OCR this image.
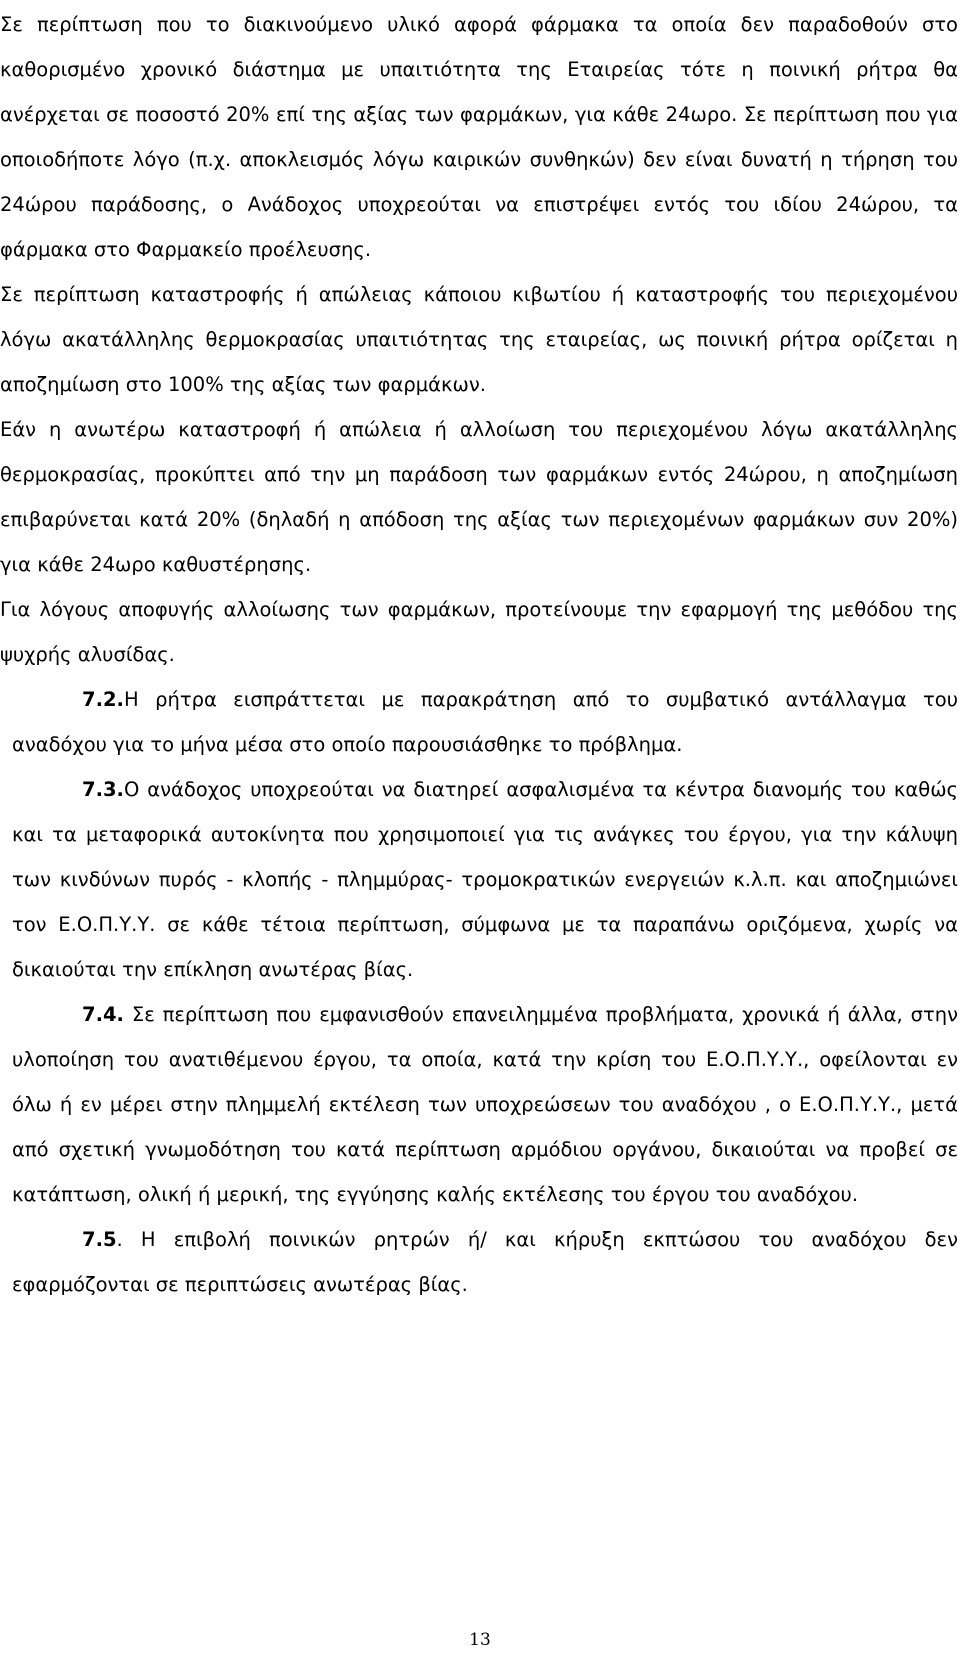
Σε περίπτωση που το διακινούμενο υλικό αφορά φάρμακα τα οποία δεν παραδοθούν στο καθορισμένο χρονικό διάστημα με υπαιτιότητα της Εταιρείας τότε η ποινική ρήτρα θα ανέρχεται σε ποσοστό 20% επί της αξίας των φαρμάκων, για κάθε 24ωρο. Σε περίπτωση που για οποιοδήποτε λόγο (π.χ. αποκλεισμός λόγω καιρικών συνθηκών) δεν είναι δυνατή η τήρηση του 24ώρου παράδοσης, ο Ανάδοχος υποχρεούται να επιστρέψει εντός του ιδίου 24ώρου, τα φάρμακα στο Φαρμακείο προέλευσης.

Σε περίπτωση καταστροφής ή απώλειας κάποιου κιβωτίου ή καταστροφής του περιεχομένου λόγω ακατάλληλης θερμοκρασίας υπαιτιότητας της εταιρείας, ως ποινική ρήτρα ορίζεται η αποζημίωση στο 100% της αξίας των φαρμάκων.

Εάν η ανωτέρω καταστροφή ή απώλεια ή αλλοίωση του περιεχομένου λόγω ακατάλληλης θερμοκρασίας, προκύπτει από την μη παράδοση των φαρμάκων εντός 24ώρου, η αποζημίωση επιβαρύνεται κατά 20% (δηλαδή η απόδοση της αξίας των περιεχομένων φαρμάκων συν 20%) για κάθε 24ωρο καθυστέρησης.

Για λόγους αποφυγής αλλοίωσης των φαρμάκων, προτείνουμε την εφαρμογή της μεθόδου της ψυχρής αλυσίδας.

7.2.Η ρήτρα εισπράττεται με παρακράτηση από το συμβατικό αντάλλαγμα του αναδόχου για το μήνα μέσα στο οποίο παρουσιάσθηκε το πρόβλημα.

7.3.Ο ανάδοχος υποχρεούται να διατηρεί ασφαλισμένα τα κέντρα διανομής του καθώς και τα μεταφορικά αυτοκίνητα που χρησιμοποιεί για τις ανάγκες του έργου, για την κάλυψη των κινδύνων πυρός - κλοπής - πλημμύρας- τρομοκρατικών ενεργειών κ.λ.π. και αποζημιώνει τον Ε.Ο.Π.Υ.Υ. σε κάθε τέτοια περίπτωση, σύμφωνα με τα παραπάνω οριζόμενα, χωρίς να δικαιούται την επίκληση ανωτέρας βίας.

7.4. Σε περίπτωση που εμφανισθούν επανειλημμένα προβλήματα, χρονικά ή άλλα, στην υλοποίηση του ανατιθέμενου έργου, τα οποία, κατά την κρίση του Ε.Ο.Π.Υ.Υ., οφείλονται εν όλω ή εν μέρει στην πλημμελή εκτέλεση των υποχρεώσεων του αναδόχου , ο Ε.Ο.Π.Υ.Υ., μετά από σχετική γνωμοδότηση του κατά περίπτωση αρμόδιου οργάνου, δικαιούται να προβεί σε κατάπτωση, ολική ή μερική, της εγγύησης καλής εκτέλεσης του έργου του αναδόχου.

7.5. Η επιβολή ποινικών ρητρών ή/ και κήρυξη εκπτώσου του αναδόχου δεν εφαρμόζονται σε περιπτώσεις ανωτέρας βίας.

13
